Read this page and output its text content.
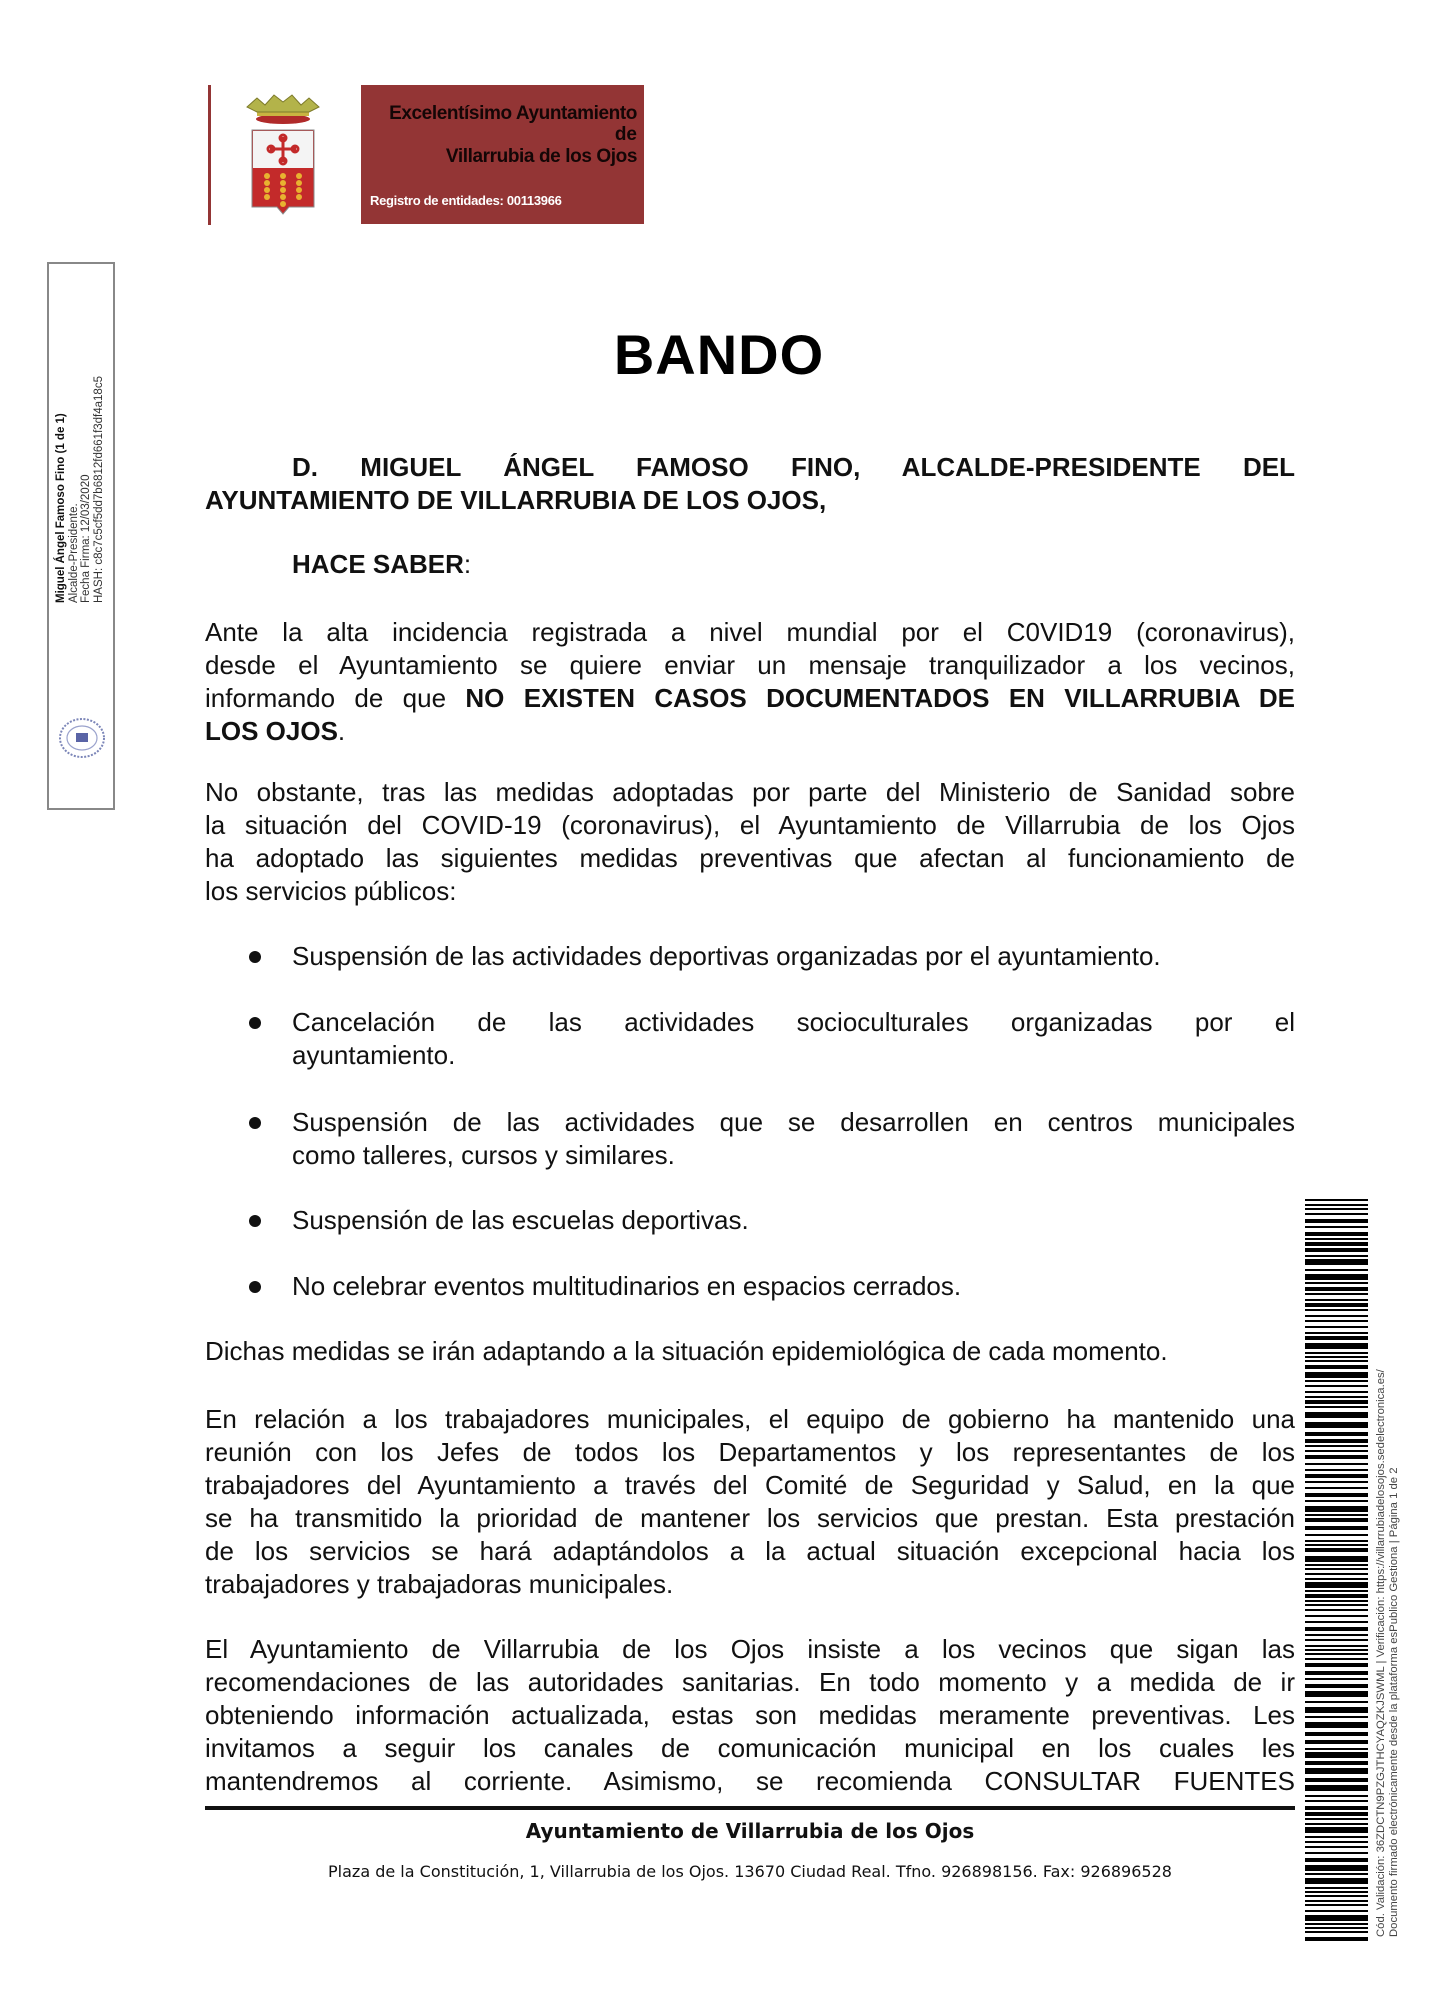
Excelentísimo Ayuntamiento
de
Villarrubia de los Ojos
Registro de entidades: 00113966
Miguel Ángel Famoso Fino (1 de 1) Alcalde-Presidente. Fecha Firma: 12/03/2020 HASH: c8c7c5cf5dd7b6812fd661f3df4a18c5
BANDO
D. MIGUEL ÁNGEL FAMOSO FINO, ALCALDE-PRESIDENTE DEL
AYUNTAMIENTO DE VILLARRUBIA DE LOS OJOS,
HACE SABER:
Ante la alta incidencia registrada a nivel mundial por el C0VID19 (coronavirus),
desde el Ayuntamiento se quiere enviar un mensaje tranquilizador a los vecinos,
informando de que NO EXISTEN CASOS DOCUMENTADOS EN VILLARRUBIA DE
LOS OJOS.
No obstante, tras las medidas adoptadas por parte del Ministerio de Sanidad sobre
la situación del COVID-19 (coronavirus), el Ayuntamiento de Villarrubia de los Ojos
ha adoptado las siguientes medidas preventivas que afectan al funcionamiento de
los servicios públicos:
Suspensión de las actividades deportivas organizadas por el ayuntamiento.
Cancelación de las actividades socioculturales organizadas por el
ayuntamiento.
Suspensión de las actividades que se desarrollen en centros municipales
como talleres, cursos y similares.
Suspensión de las escuelas deportivas.
No celebrar eventos multitudinarios en espacios cerrados.
Dichas medidas se irán adaptando a la situación epidemiológica de cada momento.
En relación a los trabajadores municipales, el equipo de gobierno ha mantenido una
reunión con los Jefes de todos los Departamentos y los representantes de los
trabajadores del Ayuntamiento a través del Comité de Seguridad y Salud, en la que
se ha transmitido la prioridad de mantener los servicios que prestan. Esta prestación
de los servicios se hará adaptándolos a la actual situación excepcional hacia los
trabajadores y trabajadoras municipales.
El Ayuntamiento de Villarrubia de los Ojos insiste a los vecinos que sigan las
recomendaciones de las autoridades sanitarias. En todo momento y a medida de ir
obteniendo información actualizada, estas son medidas meramente preventivas. Les
invitamos a seguir los canales de comunicación municipal en los cuales les
mantendremos al corriente. Asimismo, se recomienda CONSULTAR FUENTES
Ayuntamiento de Villarrubia de los Ojos
Plaza de la Constitución, 1, Villarrubia de los Ojos. 13670 Ciudad Real. Tfno. 926898156. Fax: 926896528	Cód. Validación: 36ZDCTN9PZGJTHCYAQZKJSWML | Verificación: https://villarrubiadelosojos.sedelectronica.es/ Documento firmado electrónicamente desde la plataforma esPublico Gestiona | Página 1 de 2
